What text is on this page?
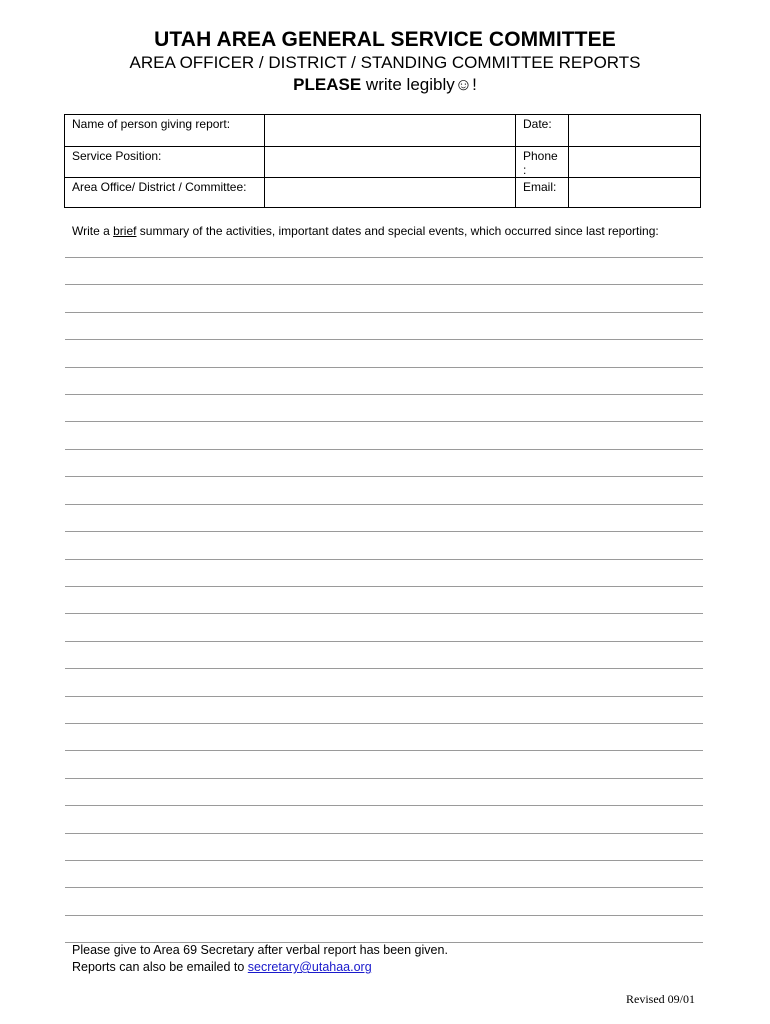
UTAH AREA GENERAL SERVICE COMMITTEE
AREA OFFICER / DISTRICT / STANDING COMMITTEE REPORTS
PLEASE write legibly☺!
Name of person giving report:		Date:	
Service Position:		Phone
:	
Area Office/ District / Committee:		Email:	
Write a brief summary of the activities, important dates and special events, which occurred since last reporting:
Please give to Area 69 Secretary after verbal report has been given.
Reports can also be emailed to secretary@utahaa.org
Revised 09/01
